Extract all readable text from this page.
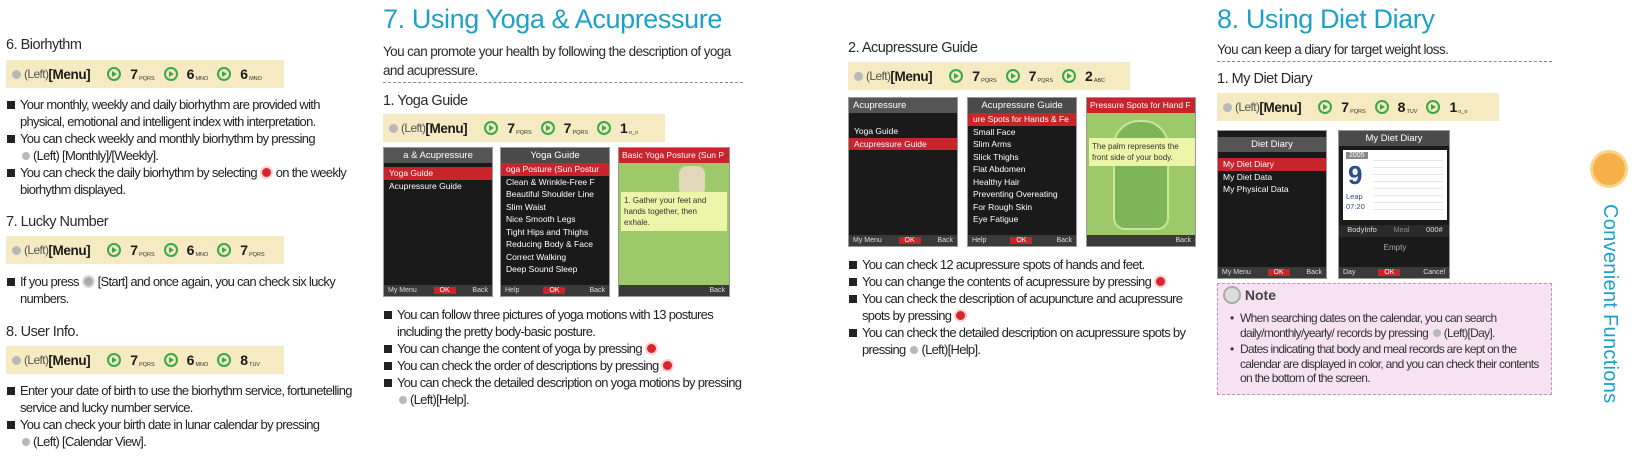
6. Biorhythm
(Left) [Menu]	7 PQRS 6 MNO 6 MNO
Your monthly, weekly and daily biorhythm are provided with physical, emotional and intelligent index with interpretation.
You can check weekly and monthly biorhythm by pressing
(Left) [Monthly]/[Weekly].
You can check the daily biorhythm by selecting on the weekly biorhythm displayed.
7. Lucky Number
(Left) [Menu]	7 PQRS 6 MNO 7 PQRS
If you press [Start] and once again, you can check six lucky numbers.
8. User Info.
(Left) [Menu]	7 PQRS 6 MNO 8 TUV
Enter your date of birth to use the biorhythm service, fortunetelling service and lucky number service.
You can check your birth date in lunar calendar by pressing
(Left) [Calendar View].
7. Using Yoga & Acupressure
You can promote your health by following the description of yoga and acupressure.
1. Yoga Guide
(Left) [Menu]	7 PQRS 7 PQRS 1 o_o
a & Acupressure
Yoga Guide
Acupressure Guide
My Menu	OK	Back
Yoga Guide
oga Posture (Sun Postur
Clean & Wrinkle-Free F
Beautiful Shoulder Line
Slim Waist
Nice Smooth Legs
Tight Hips and Thighs
Reducing Body & Face
Correct Walking
Deep Sound Sleep
Help	OK	Back
Basic Yoga Posture (Sun P
1. Gather your feet and hands together, then exhale.
Back
You can follow three pictures of yoga motions with 13 postures including the pretty body-basic posture.
You can change the content of yoga by pressing
You can check the order of descriptions by pressing
You can check the detailed description on yoga motions by pressing (Left)[Help].
2. Acupressure Guide
(Left) [Menu]	7 PQRS 7 PQRS 2 ABC
Acupressure
Yoga Guide
Acupressure Guide
My Menu	OK	Back
Acupressure Guide
ure Spots for Hands & Fe
Small Face
Slim Arms
Slick Thighs
Flat Abdomen
Healthy Hair
Preventing Overeating
For Rough Skin
Eye Fatigue
Help	OK	Back
Pressure Spots for Hand F
The palm represents the front side of your body.
Back
You can check 12 acupressure spots of hands and feet.
You can change the contents of acupressure by pressing
You can check the description of acupuncture and acupressure spots by pressing
You can check the detailed description on acupressure spots by pressing (Left)[Help].
8. Using Diet Diary
You can keep a diary for target weight loss.
1. My Diet Diary
(Left) [Menu]	7 PQRS 8 TUV 1 o_o
Diet Diary
My Diet Diary
My Diet Data
My Physical Data
My Menu	OK	Back
My Diet Diary
2005
9
Leap
07:20
BodyInfo Meal 000#
Empty
Day	OK	Cancel
Note
• When searching dates on the calendar, you can search daily/monthly/yearly/ records by pressing (Left)[Day].
• Dates indicating that body and meal records are kept on the calendar are displayed in color, and you can check their contents on the bottom of the screen.	Convenient Functions
